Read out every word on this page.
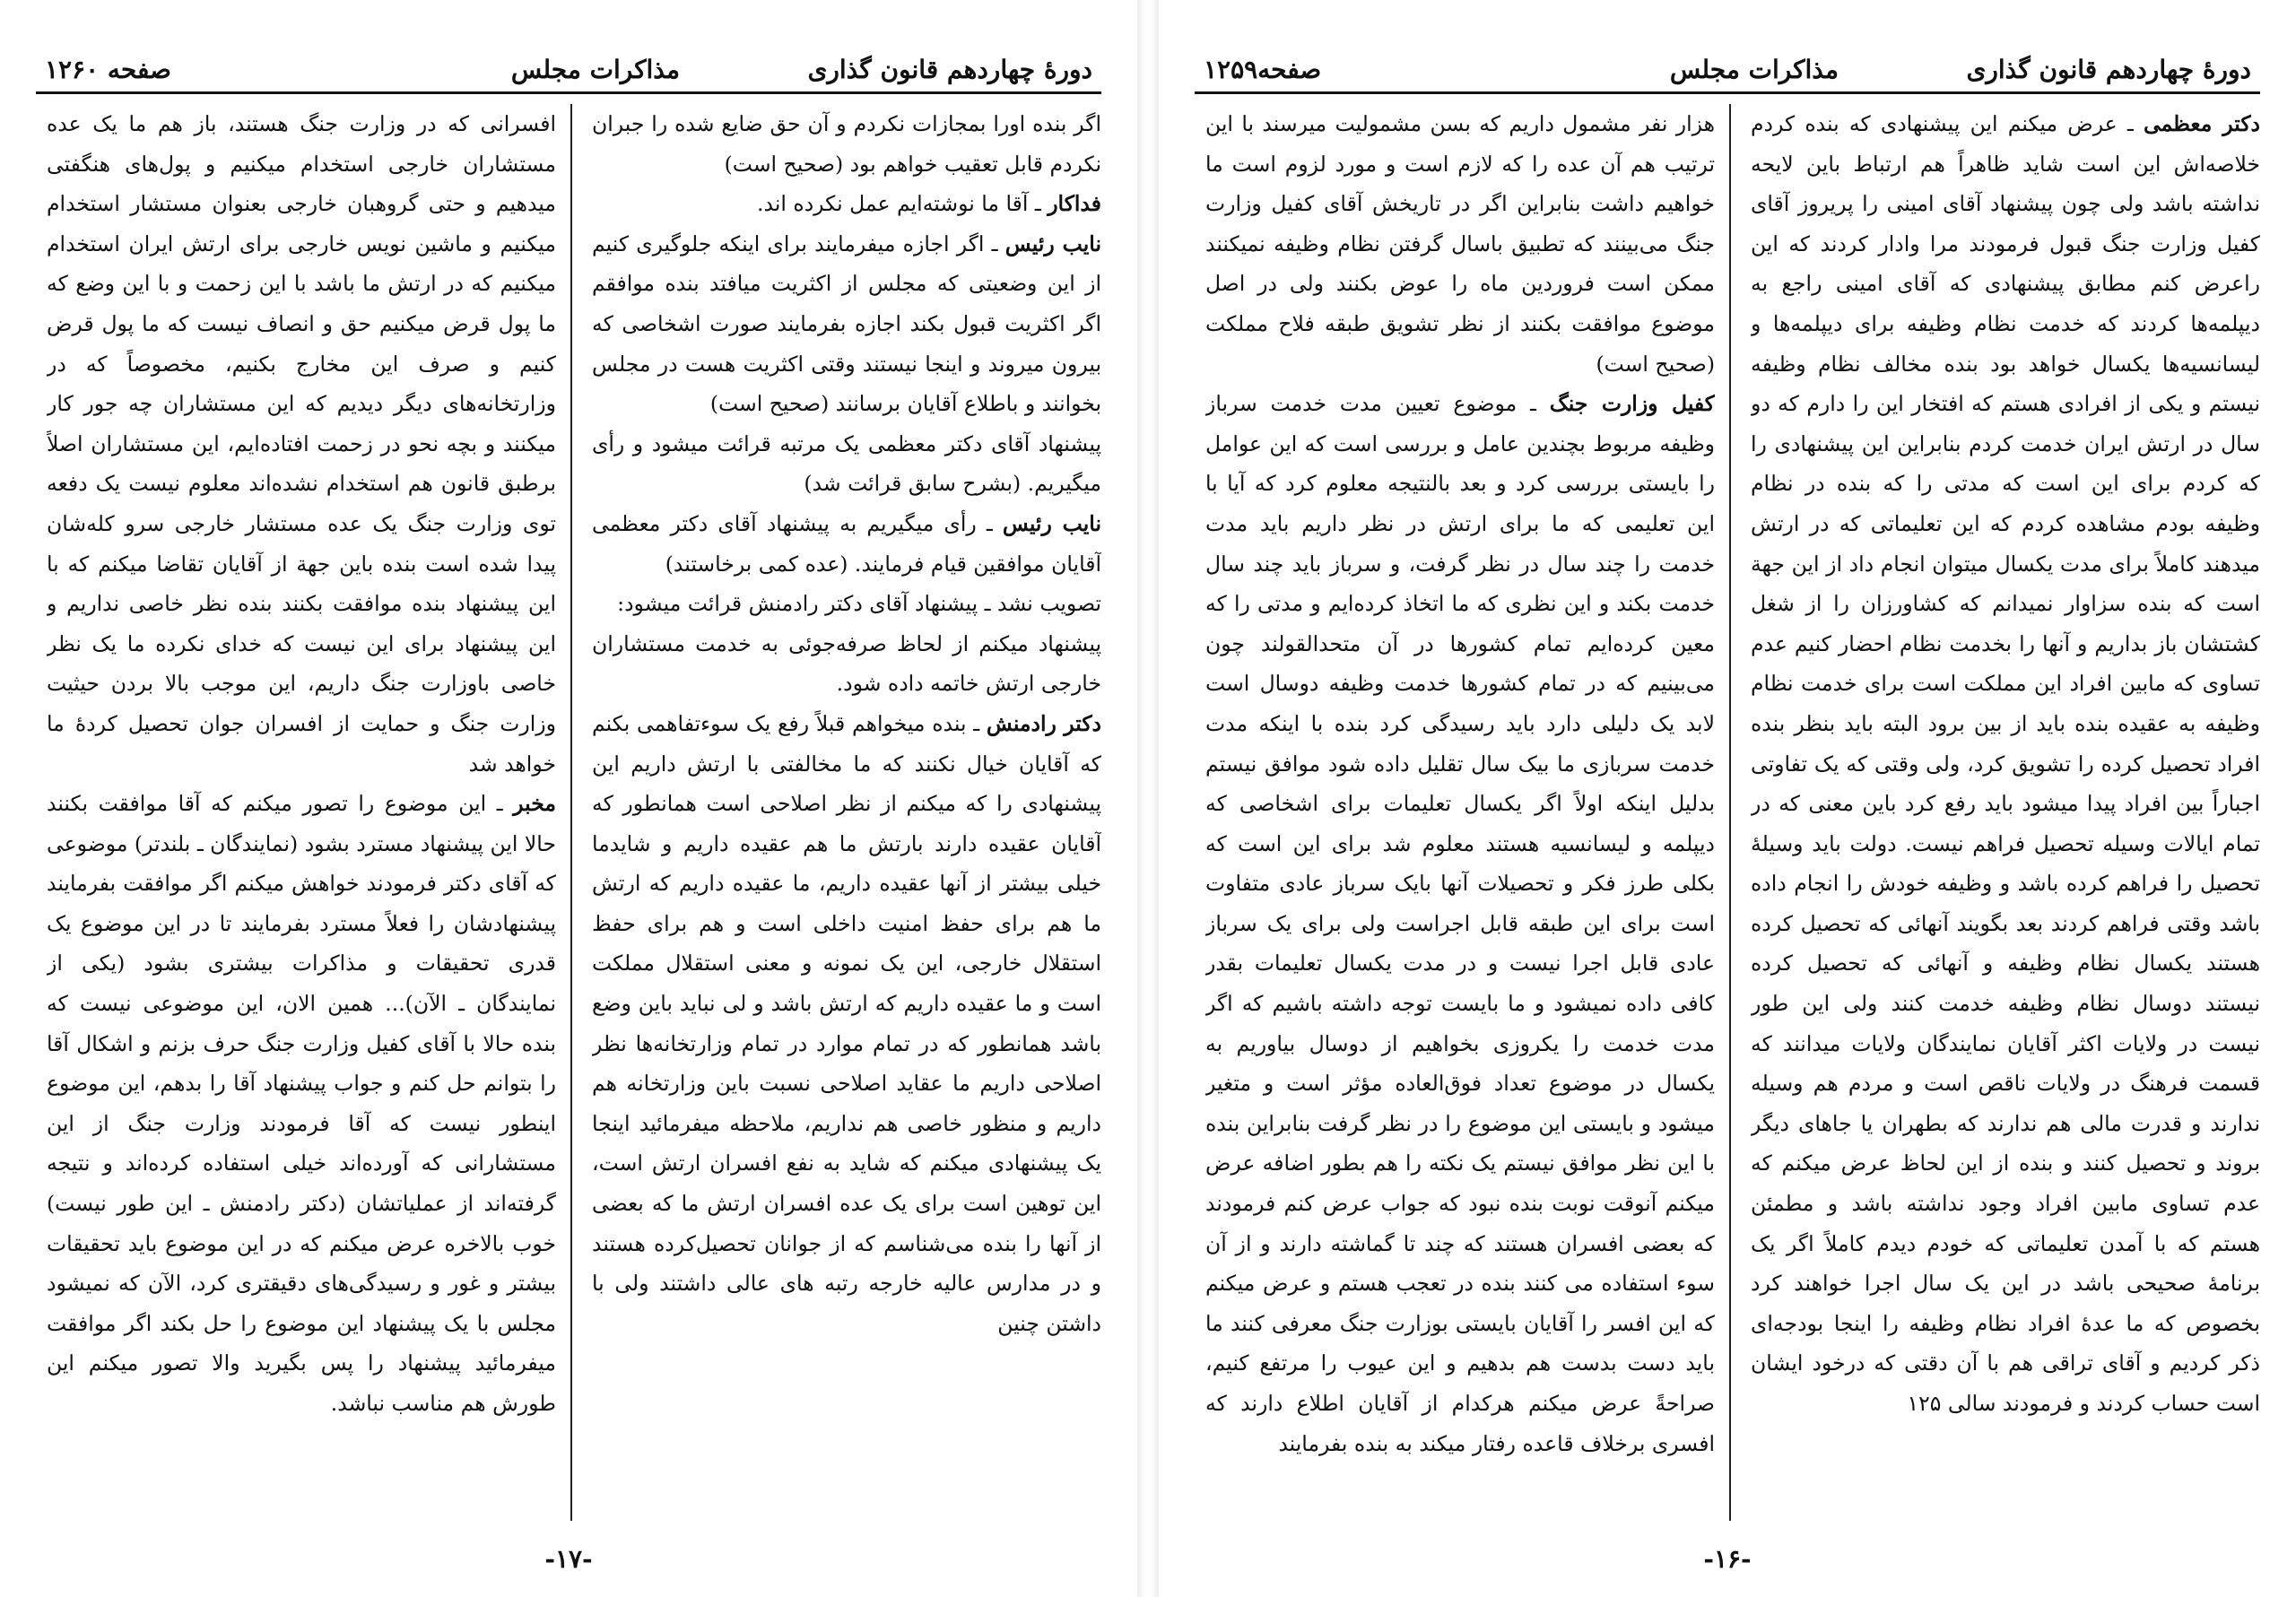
دورهٔ چهاردهم قانون گذاری
مذاکرات مجلس
صفحه ۱۲۶۰

اگر بنده اورا بمجازات نکردم و آن حق ضایع شده را جبران نکردم قابل تعقیب خواهم بود (صحیح است)

فداکار ـ آقا ما نوشته‌ایم عمل نکرده اند.

نایب رئیس ـ اگر اجازه میفرمایند برای اینکه جلوگیری کنیم از این وضعیتی که مجلس از اکثریت میافتد بنده موافقم اگر اکثریت قبول بکند اجازه بفرمایند صورت اشخاصی که بیرون میروند و اینجا نیستند وقتی اکثریت هست در مجلس بخوانند و باطلاع آقایان برسانند (صحیح است)

پیشنهاد آقای دکتر معظمی یک مرتبه قرائت میشود و رأی میگیریم. (بشرح سابق قرائت شد)

نایب رئیس ـ رأی میگیریم به پیشنهاد آقای دکتر معظمی آقایان موافقین قیام فرمایند. (عده کمی برخاستند)

تصویب نشد ـ پیشنهاد آقای دکتر رادمنش قرائت میشود:

پیشنهاد میکنم از لحاظ صرفه‌جوئی به خدمت مستشاران خارجی ارتش خاتمه داده شود.

دکتر رادمنش ـ بنده میخواهم قبلاً رفع یک سوءتفاهمی بکنم که آقایان خیال نکنند که ما مخالفتی با ارتش داریم این پیشنهادی را که میکنم از نظر اصلاحی است همانطور که آقایان عقیده دارند بارتش ما هم عقیده داریم و شایدما خیلی بیشتر از آنها عقیده داریم، ما عقیده داریم که ارتش ما هم برای حفظ امنیت داخلی است و هم برای حفظ استقلال خارجی، این یک نمونه و معنی استقلال مملکت است و ما عقیده داریم که ارتش باشد و لی نباید باین وضع باشد همانطور که در تمام موارد در تمام وزارتخانه‌ها نظر اصلاحی داریم ما عقاید اصلاحی نسبت باین وزارتخانه هم داریم و منظور خاصی هم نداریم، ملاحظه میفرمائید اینجا یک پیشنهادی میکنم که شاید به نفع افسران ارتش است، این توهین است برای یک عده افسران ارتش ما که بعضی از آنها را بنده می‌شناسم که از جوانان تحصیل‌کرده هستند و در مدارس عالیه خارجه رتبه های عالی داشتند ولی با داشتن چنین

افسرانی که در وزارت جنگ هستند، باز هم ما یک عده مستشاران خارجی استخدام میکنیم و پول‌های هنگفتی میدهیم و حتی گروهبان خارجی بعنوان مستشار استخدام میکنیم و ماشین نویس خارجی برای ارتش ایران استخدام میکنیم که در ارتش ما باشد با این زحمت و با این وضع که ما پول قرض میکنیم حق و انصاف نیست که ما پول قرض کنیم و صرف این مخارج بکنیم، مخصوصاً که در وزارتخانه‌های دیگر دیدیم که این مستشاران چه جور کار میکنند و بچه نحو در زحمت افتاده‌ایم، این مستشاران اصلاً برطبق قانون هم استخدام نشده‌اند معلوم نیست یک دفعه توی وزارت جنگ یک عده مستشار خارجی سرو کله‌شان پیدا شده است بنده باین جهة از آقایان تقاضا میکنم که با این پیشنهاد بنده موافقت بکنند بنده نظر خاصی نداریم و این پیشنهاد برای این نیست که خدای نکرده ما یک نظر خاصی باوزارت جنگ داریم، این موجب بالا بردن حیثیت وزارت جنگ و حمایت از افسران جوان تحصیل کردهٔ ما خواهد شد

مخبر ـ این موضوع را تصور میکنم که آقا موافقت بکنند حالا این پیشنهاد مسترد بشود (نمایندگان ـ بلندتر) موضوعی که آقای دکتر فرمودند خواهش میکنم اگر موافقت بفرمایند پیشنهادشان را فعلاً مسترد بفرمایند تا در این موضوع یک قدری تحقیقات و مذاکرات بیشتری بشود (یکی از نمایندگان ـ الآن)... همین الان، این موضوعی نیست که بنده حالا با آقای کفیل وزارت جنگ حرف بزنم و اشکال آقا را بتوانم حل کنم و جواب پیشنهاد آقا را بدهم، این موضوع اینطور نیست که آقا فرمودند وزارت جنگ از این مستشارانی که آورده‌اند خیلی استفاده کرده‌اند و نتیجه گرفته‌اند از عملیاتشان (دکتر رادمنش ـ این طور نیست) خوب بالاخره عرض میکنم که در این موضوع باید تحقیقات بیشتر و غور و رسیدگی‌های دقیقتری کرد، الآن که نمیشود مجلس با یک پیشنهاد این موضوع را حل بکند اگر موافقت میفرمائید پیشنهاد را پس بگیرید والا تصور میکنم این طورش هم مناسب نباشد.

-۱۷-
دورهٔ چهاردهم قانون گذاری
مذاکرات مجلس
صفحه۱۲۵۹

دکتر معظمی ـ عرض میکنم این پیشنهادی که بنده کردم خلاصه‌اش این است شاید ظاهراً هم ارتباط باین لایحه نداشته باشد ولی چون پیشنهاد آقای امینی را پریروز آقای کفیل وزارت جنگ قبول فرمودند مرا وادار کردند که این راعرض کنم مطابق پیشنهادی که آقای امینی راجع به دیپلمه‌ها کردند که خدمت نظام وظیفه برای دیپلمه‌ها و لیسانسیه‌ها یکسال خواهد بود بنده مخالف نظام وظیفه نیستم و یکی از افرادی هستم که افتخار این را دارم که دو سال در ارتش ایران خدمت کردم بنابراین این پیشنهادی را که کردم برای این است که مدتی را که بنده در نظام وظیفه بودم مشاهده کردم که این تعلیماتی که در ارتش میدهند کاملاً برای مدت یکسال میتوان انجام داد از این جهة است که بنده سزاوار نمیدانم که کشاورزان را از شغل کشتشان باز بداریم و آنها را بخدمت نظام احضار کنیم عدم تساوی که مابین افراد این مملکت است برای خدمت نظام وظیفه به عقیده بنده باید از بین برود البته باید بنظر بنده افراد تحصیل کرده را تشویق کرد، ولی وقتی که یک تفاوتی اجباراً بین افراد پیدا میشود باید رفع کرد باین معنی که در تمام ایالات وسیله تحصیل فراهم نیست. دولت باید وسیلهٔ تحصیل را فراهم کرده باشد و وظیفه خودش را انجام داده باشد وقتی فراهم کردند بعد بگویند آنهائی که تحصیل کرده هستند یکسال نظام وظیفه و آنهائی که تحصیل کرده نیستند دوسال نظام وظیفه خدمت کنند ولی این طور نیست در ولایات اکثر آقایان نمایندگان ولایات میدانند که قسمت فرهنگ در ولایات ناقص است و مردم هم وسیله ندارند و قدرت مالی هم ندارند که بطهران یا جاهای دیگر بروند و تحصیل کنند و بنده از این لحاظ عرض میکنم که عدم تساوی مابین افراد وجود نداشته باشد و مطمئن هستم که با آمدن تعلیماتی که خودم دیدم کاملاً اگر یک برنامهٔ صحیحی باشد در این یک سال اجرا خواهند کرد بخصوص که ما عدهٔ افراد نظام وظیفه را اینجا بودجه‌ای ذکر کردیم و آقای تراقی هم با آن دقتی که درخود ایشان است حساب کردند و فرمودند سالی ۱۲۵

هزار نفر مشمول داریم که بسن مشمولیت میرسند با این ترتیب هم آن عده را که لازم است و مورد لزوم است ما خواهیم داشت بنابراین اگر در تاریخش آقای کفیل وزارت جنگ می‌بینند که تطبیق باسال گرفتن نظام وظیفه نمیکنند ممکن است فروردین ماه را عوض بکنند ولی در اصل موضوع موافقت بکنند از نظر تشویق طبقه فلاح مملکت (صحیح است)

کفیل وزارت جنگ ـ موضوع تعیین مدت خدمت سرباز وظیفه مربوط بچندین عامل و بررسی است که این عوامل را بایستی بررسی کرد و بعد بالنتیجه معلوم کرد که آیا با این تعلیمی که ما برای ارتش در نظر داریم باید مدت خدمت را چند سال در نظر گرفت، و سرباز باید چند سال خدمت بکند و این نظری که ما اتخاذ کرده‌ایم و مدتی را که معین کرده‌ایم تمام کشورها در آن متحدالقولند چون می‌بینیم که در تمام کشورها خدمت وظیفه دوسال است لابد یک دلیلی دارد باید رسیدگی کرد بنده با اینکه مدت خدمت سربازی ما بیک سال تقلیل داده شود موافق نیستم بدلیل اینکه اولاً اگر یکسال تعلیمات برای اشخاصی که دیپلمه و لیسانسیه هستند معلوم شد برای این است که بکلی طرز فکر و تحصیلات آنها بایک سرباز عادی متفاوت است برای این طبقه قابل اجراست ولی برای یک سرباز عادی قابل اجرا نیست و در مدت یکسال تعلیمات بقدر کافی داده نمیشود و ما بایست توجه داشته باشیم که اگر مدت خدمت را یکروزی بخواهیم از دوسال بیاوریم به یکسال در موضوع تعداد فوق‌العاده مؤثر است و متغیر میشود و بایستی این موضوع را در نظر گرفت بنابراین بنده با این نظر موافق نیستم یک نکته را هم بطور اضافه عرض میکنم آنوقت نوبت بنده نبود که جواب عرض کنم فرمودند که بعضی افسران هستند که چند تا گماشته دارند و از آن سوء استفاده می کنند بنده در تعجب هستم و عرض میکنم که این افسر را آقایان بایستی بوزارت جنگ معرفی کنند ما باید دست بدست هم بدهیم و این عیوب را مرتفع کنیم، صراحةً عرض میکنم هرکدام از آقایان اطلاع دارند که افسری برخلاف قاعده رفتار میکند به بنده بفرمایند

-۱۶-
